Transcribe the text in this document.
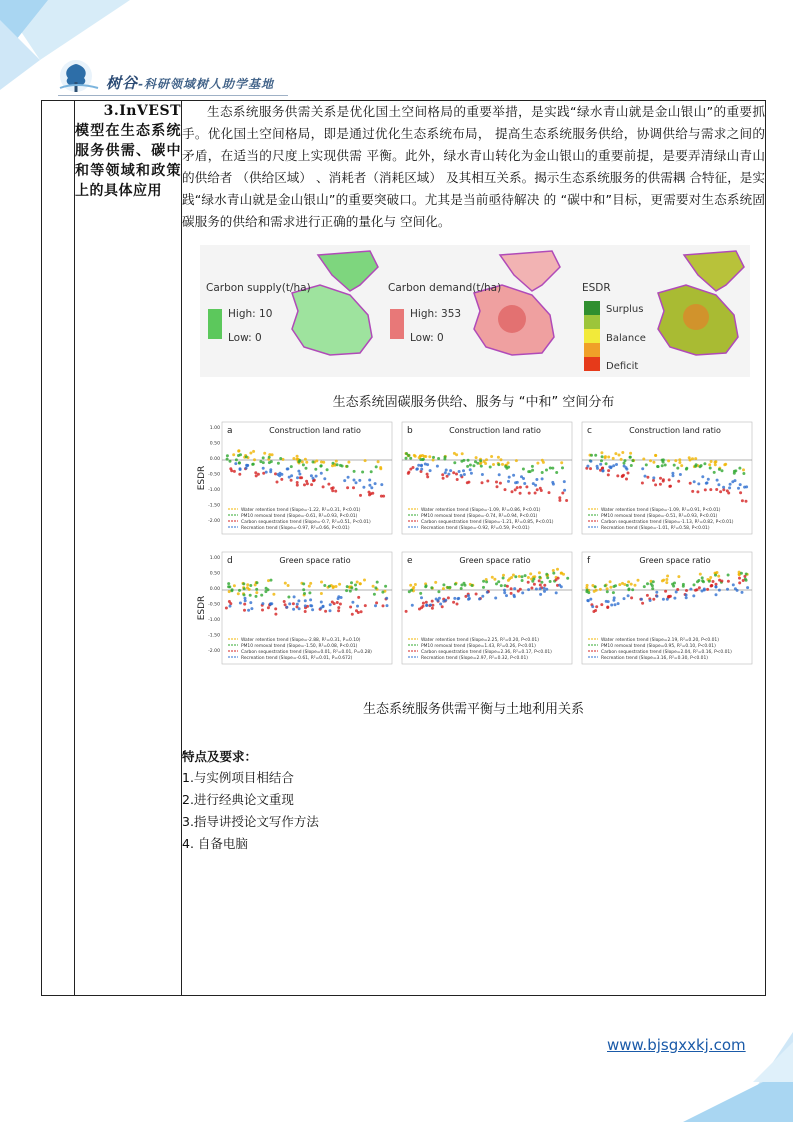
树谷-科研领域树人助学基地

3.InVEST
模型在生态系统服务供需、碳中和等领域和政策上的具体应用	

生态系统服务供需关系是优化国土空间格局的重要举措，是实践“绿水青山就是金山银山”的重要抓手。优化国土空间格局，即是通过优化生态系统布局， 提高生态系统服务供给，协调供给与需求之间的矛盾，在适当的尺度上实现供需 平衡。此外，绿水青山转化为金山银山的重要前提，是要弄清绿山青山的供给者 （供给区域） 、消耗者（消耗区域） 及其相互关系。揭示生态系统服务的供需耦 合特征，是实践“绿水青山就是金山银山”的重要突破口。尤其是当前亟待解决 的 “碳中和”目标，更需要对生态系统固碳服务的供给和需求进行正确的量化与 空间化。

Carbon supply(t/ha)
High: 10
Low: 0
Carbon demand(t/ha)
High: 353
Low: 0
ESDR
Surplus
Balance
Deficit
生态系统固碳服务供给、服务与 “中和” 空间分布
a	Construction land ratio
Water retention trend (Slope=-1.22, R²=0.31, P<0.01)
PM10 removal trend (Slope=-0.61, R²=0.93, P<0.01)
Carbon sequestration trend (Slope=-0.7, R²=0.51, P<0.01)
Recreation trend (Slope=-0.97, R²=0.66, P<0.01)
b	Construction land ratio
Water retention trend (Slope=-1.09, R²=0.86, P<0.01)
PM10 removal trend (Slope=-0.74, R²=0.94, P<0.01)
Carbon sequestration trend (Slope=-1.21, R²=0.85, P<0.01)
Recreation trend (Slope=-0.92, R²=0.59, P<0.01)
c	Construction land ratio
Water retention trend (Slope=-1.09, R²=0.91, P<0.01)
PM10 removal trend (Slope=-0.51, R²=0.93, P<0.01)
Carbon sequestration trend (Slope=-1.13, R²=0.82, P<0.01)
Recreation trend (Slope=-1.01, R²=0.58, P<0.01)
d	Green space ratio
Water retention trend (Slope=-2.88, R²=0.31, P=0.10)
PM10 removal trend (Slope=-1.50, R²=0.08, P<0.01)
Carbon sequestration trend (Slope=0.01, R²=0.01, P=0.28)
Recreation trend (Slope=-0.61, R²=0.01, P=0.672)
e	Green space ratio
Water retention trend (Slope=2.25, R²=0.20, P<0.01)
PM10 removal trend (Slope=1.43, R²=0.26, P<0.01)
Carbon sequestration trend (Slope=2.36, R²=0.17, P<0.01)
Recreation trend (Slope=2.97, R²=0.32, P<0.01)
f	Green space ratio
Water retention trend (Slope=2.19, R²=0.20, P<0.01)
PM10 removal trend (Slope=0.95, R²=0.10, P<0.01)
Carbon sequestration trend (Slope=2.04, R²=0.16, P<0.01)
Recreation trend (Slope=3.16, R²=0.30, P<0.01)
ESDR
1.00
0.50
0.00
-0.50
-1.00
-1.50
-2.00
ESDR
1.00
0.50
0.00
-0.50
-1.00
-1.50
-2.00
生态系统服务供需平衡与土地利用关系
特点及要求：
1.与实例项目相结合
2.进行经典论文重现
3.指导讲授论文写作方法
4. 自备电脑
www.bjsgxxkj.com
